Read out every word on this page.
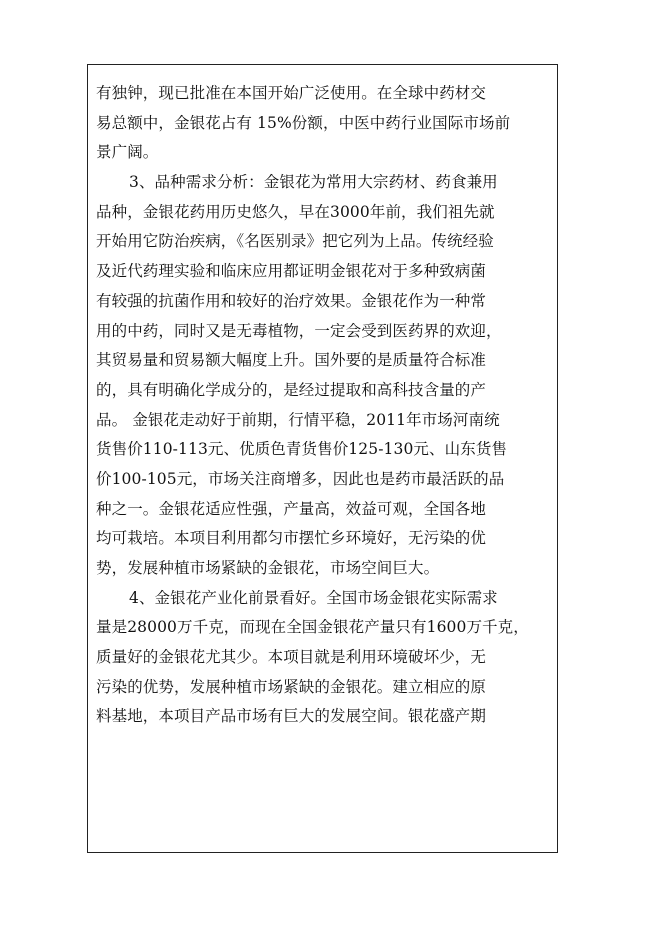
有独钟，现已批准在本国开始广泛使用。在全球中药材交
易总额中，金银花占有 15%份额，中医中药行业国际市场前
景广阔。
3、品种需求分析：金银花为常用大宗药材、药食兼用
品种，金银花药用历史悠久，早在3000年前，我们祖先就
开始用它防治疾病，《名医别录》把它列为上品。传统经验
及近代药理实验和临床应用都证明金银花对于多种致病菌
有较强的抗菌作用和较好的治疗效果。金银花作为一种常
用的中药，同时又是无毒植物，一定会受到医药界的欢迎，
其贸易量和贸易额大幅度上升。国外要的是质量符合标准
的，具有明确化学成分的，是经过提取和高科技含量的产
品。 金银花走动好于前期，行情平稳，2011年市场河南统
货售价110-113元、优质色青货售价125-130元、山东货售
价100-105元，市场关注商增多，因此也是药市最活跃的品
种之一。金银花适应性强，产量高，效益可观，全国各地
均可栽培。本项目利用都匀市摆忙乡环境好，无污染的优
势，发展种植市场紧缺的金银花，市场空间巨大。
4、金银花产业化前景看好。全国市场金银花实际需求
量是28000万千克，而现在全国金银花产量只有1600万千克，
质量好的金银花尤其少。本项目就是利用环境破坏少，无
污染的优势，发展种植市场紧缺的金银花。建立相应的原
料基地，本项目产品市场有巨大的发展空间。银花盛产期
